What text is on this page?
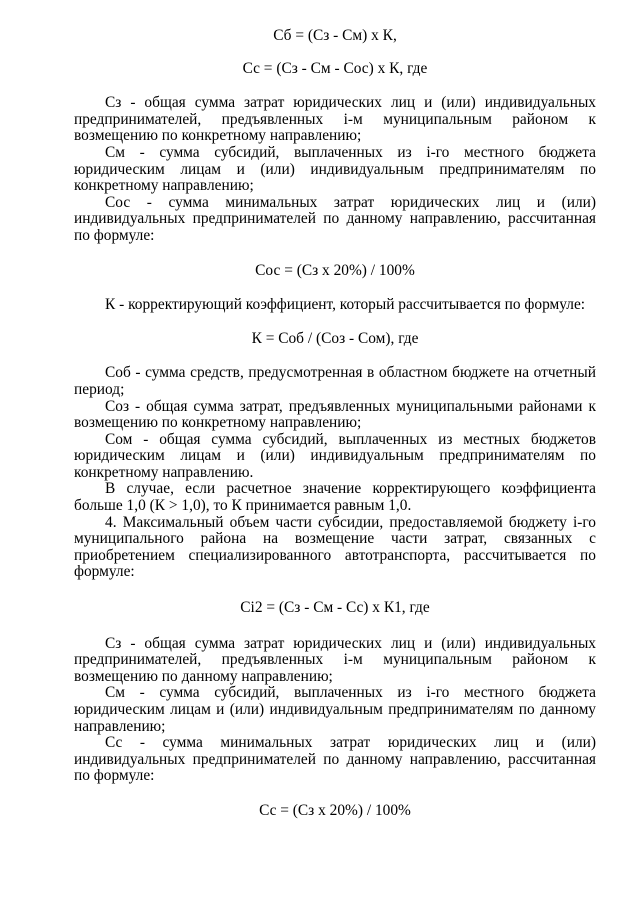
Сб = (Сз - См) х К,

Сс = (Сз - См - Сос) х К, где

Сз - общая сумма затрат юридических лиц и (или) индивидуальных предпринимателей, предъявленных i-м муниципальным районом к возмещению по конкретному направлению;

См - сумма субсидий, выплаченных из i-го местного бюджета юридическим лицам и (или) индивидуальным предпринимателям по конкретному направлению;

Сос - сумма минимальных затрат юридических лиц и (или) индивидуальных предпринимателей по данному направлению, рассчитанная по формуле:

Сос = (Сз х 20%) / 100%

К - корректирующий коэффициент, который рассчитывается по формуле:

К = Соб / (Соз - Сом), где

Соб - сумма средств, предусмотренная в областном бюджете на отчетный период;

Соз - общая сумма затрат, предъявленных муниципальными районами к возмещению по конкретному направлению;

Сом - общая сумма субсидий, выплаченных из местных бюджетов юридическим лицам и (или) индивидуальным предпринимателям по конкретному направлению.

В случае, если расчетное значение корректирующего коэффициента больше 1,0 (К > 1,0), то К принимается равным 1,0.

4. Максимальный объем части субсидии, предоставляемой бюджету i-го муниципального района на возмещение части затрат, связанных с приобретением специализированного автотранспорта, рассчитывается по формуле:

Сi2 = (Сз - См - Сс) х К1, где

Сз - общая сумма затрат юридических лиц и (или) индивидуальных предпринимателей, предъявленных i-м муниципальным районом к возмещению по данному направлению;

См - сумма субсидий, выплаченных из i-го местного бюджета юридическим лицам и (или) индивидуальным предпринимателям по данному направлению;

Сс - сумма минимальных затрат юридических лиц и (или) индивидуальных предпринимателей по данному направлению, рассчитанная по формуле:

Сс = (Сз х 20%) / 100%
